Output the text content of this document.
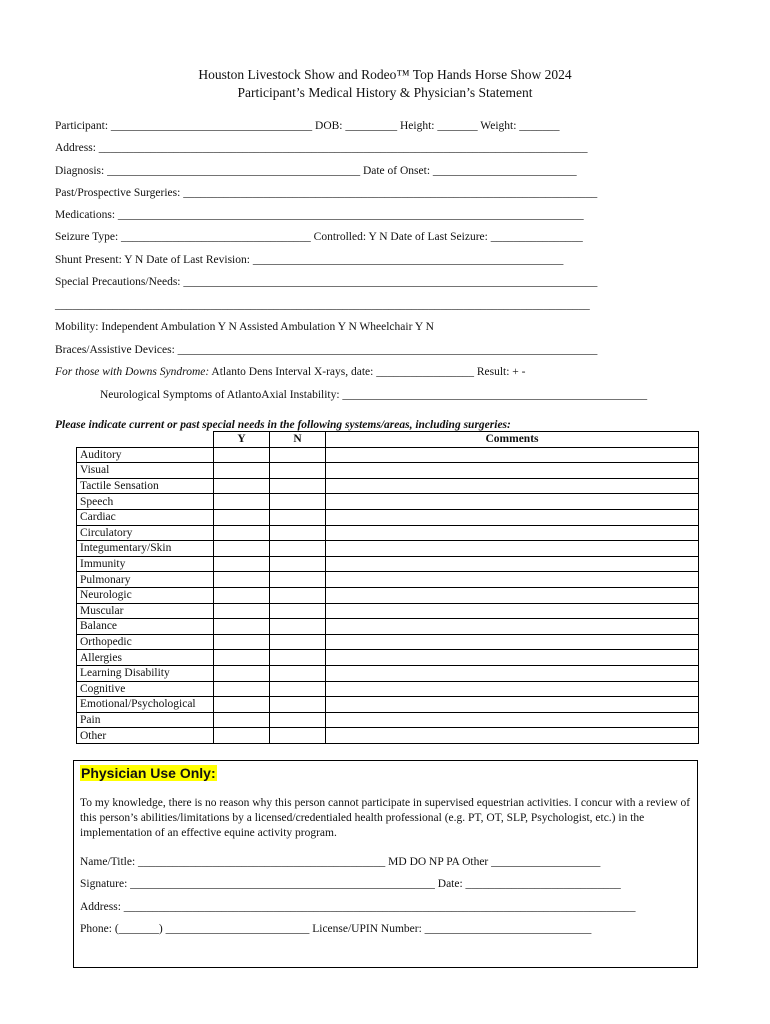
Houston Livestock Show and Rodeo™ Top Hands Horse Show 2024
Participant’s Medical History & Physician’s Statement
Participant: ___________________________________ DOB: _________ Height: _______ Weight: _______
Address: _____________________________________________________________________________________
Diagnosis: ____________________________________________ Date of Onset: _________________________
Past/Prospective Surgeries: ________________________________________________________________________
Medications: _________________________________________________________________________________
Seizure Type: _________________________________ Controlled: Y N Date of Last Seizure: ________________
Shunt Present: Y N Date of Last Revision: ______________________________________________________
Special Precautions/Needs: ________________________________________________________________________
_____________________________________________________________________________________________
Mobility: Independent Ambulation Y N Assisted Ambulation Y N Wheelchair Y N
Braces/Assistive Devices: _________________________________________________________________________
For those with Downs Syndrome: Atlanto Dens Interval X-rays, date: _________________ Result: + -
Neurological Symptoms of AtlantoAxial Instability: _____________________________________________________
Please indicate current or past special needs in the following systems/areas, including surgeries:
	Y	N	Comments
Auditory			
Visual			
Tactile Sensation			
Speech			
Cardiac			
Circulatory			
Integumentary/Skin			
Immunity			
Pulmonary			
Neurologic			
Muscular			
Balance			
Orthopedic			
Allergies			
Learning Disability			
Cognitive			
Emotional/Psychological			
Pain			
Other			
Physician Use Only:
To my knowledge, there is no reason why this person cannot participate in supervised equestrian activities. I concur with a review of this person’s abilities/limitations by a licensed/credentialed health professional (e.g. PT, OT, SLP, Psychologist, etc.) in the implementation of an effective equine activity program.
Name/Title: ___________________________________________ MD DO NP PA Other ___________________
Signature: _____________________________________________________ Date: ___________________________
Address: _________________________________________________________________________________________
Phone: (_______) _________________________ License/UPIN Number: _____________________________
